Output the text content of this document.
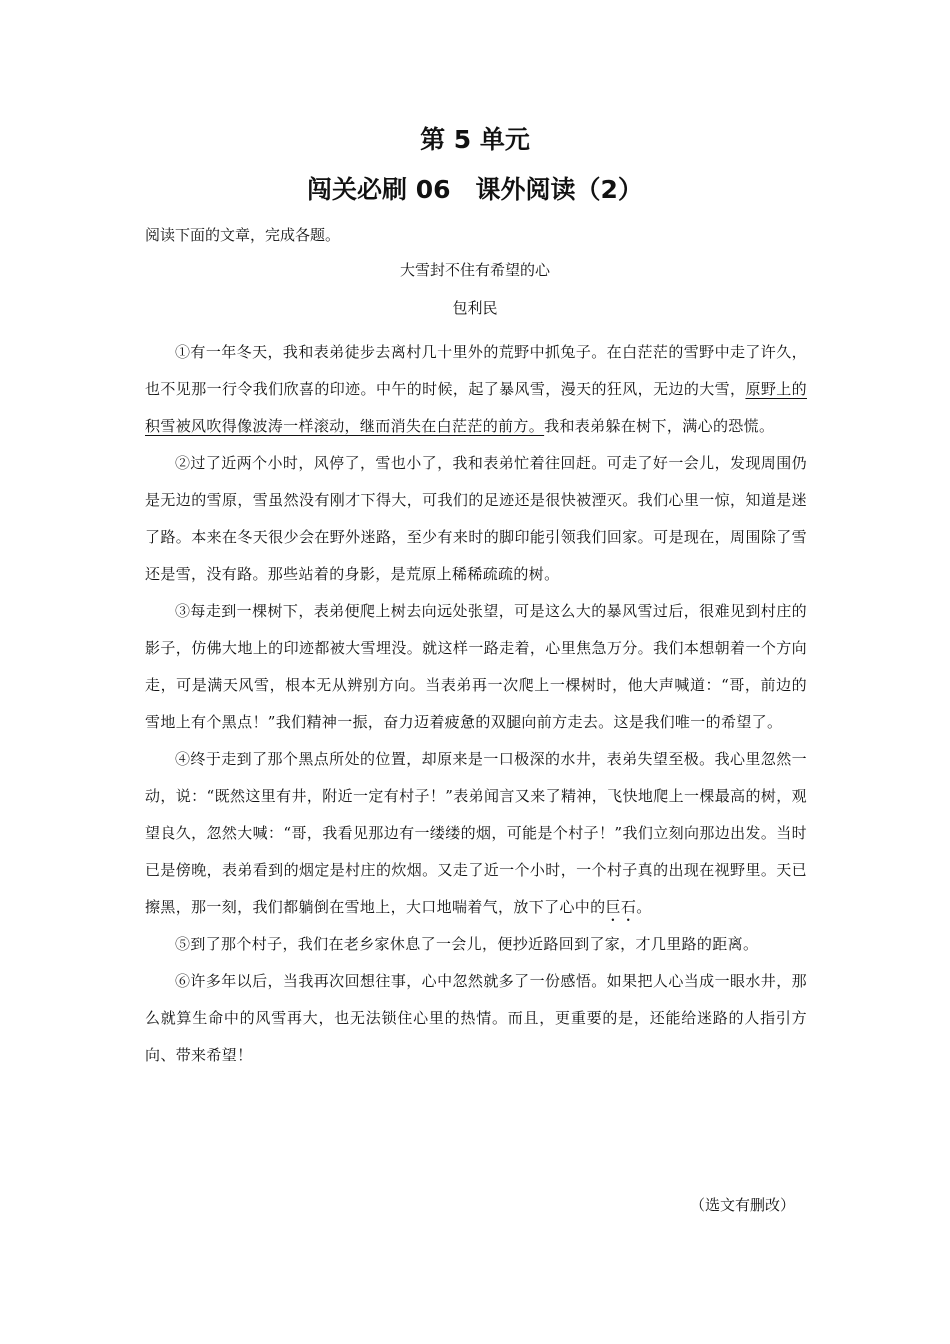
第 5 单元
闯关必刷 06　课外阅读（2）
阅读下面的文章，完成各题。
大雪封不住有希望的心
包利民

①有一年冬天，我和表弟徒步去离村几十里外的荒野中抓兔子。在白茫茫的雪野中走了许久，也不见那一行令我们欣喜的印迹。中午的时候，起了暴风雪，漫天的狂风，无边的大雪，原野上的积雪被风吹得像波涛一样滚动，继而消失在白茫茫的前方。我和表弟躲在树下，满心的恐慌。

②过了近两个小时，风停了，雪也小了，我和表弟忙着往回赶。可走了好一会儿，发现周围仍是无边的雪原，雪虽然没有刚才下得大，可我们的足迹还是很快被湮灭。我们心里一惊，知道是迷了路。本来在冬天很少会在野外迷路，至少有来时的脚印能引领我们回家。可是现在，周围除了雪还是雪，没有路。那些站着的身影，是荒原上稀稀疏疏的树。

③每走到一棵树下，表弟便爬上树去向远处张望，可是这么大的暴风雪过后，很难见到村庄的影子，仿佛大地上的印迹都被大雪埋没。就这样一路走着，心里焦急万分。我们本想朝着一个方向走，可是满天风雪，根本无从辨别方向。当表弟再一次爬上一棵树时，他大声喊道：“哥，前边的雪地上有个黑点！”我们精神一振，奋力迈着疲惫的双腿向前方走去。这是我们唯一的希望了。

④终于走到了那个黑点所处的位置，却原来是一口极深的水井，表弟失望至极。我心里忽然一动，说：“既然这里有井，附近一定有村子！”表弟闻言又来了精神，飞快地爬上一棵最高的树，观望良久，忽然大喊：“哥，我看见那边有一缕缕的烟，可能是个村子！”我们立刻向那边出发。当时已是傍晚，表弟看到的烟定是村庄的炊烟。又走了近一个小时，一个村子真的出现在视野里。天已擦黑，那一刻，我们都躺倒在雪地上，大口地喘着气，放下了心中的巨石。

⑤到了那个村子，我们在老乡家休息了一会儿，便抄近路回到了家，才几里路的距离。

⑥许多年以后，当我再次回想往事，心中忽然就多了一份感悟。如果把人心当成一眼水井，那么就算生命中的风雪再大，也无法锁住心里的热情。而且，更重要的是，还能给迷路的人指引方向、带来希望！

（选文有删改）
